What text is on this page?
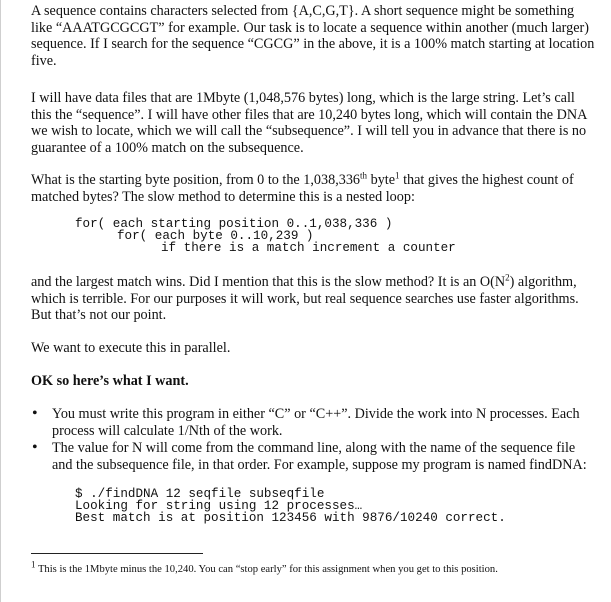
A sequence contains characters selected from {A,C,G,T}. A short sequence might be something like “AAATGCGCGT” for example. Our task is to locate a sequence within another (much larger) sequence. If I search for the sequence “CGCG” in the above, it is a 100% match starting at location five.

I will have data files that are 1Mbyte (1,048,576 bytes) long, which is the large string. Let’s call this the “sequence”. I will have other files that are 10,240 bytes long, which will contain the DNA we wish to locate, which we will call the “subsequence”. I will tell you in advance that there is no guarantee of a 100% match on the subsequence.

What is the starting byte position, from 0 to the 1,038,336th byte$^1$ that gives the highest count of matched bytes? The slow method to determine this is a nested loop:

for( each starting position 0..1,038,336 )
for( each byte 0..10,239 )
if there is a match increment a counter

and the largest match wins. Did I mention that this is the slow method? It is an $O(N^2)$ algorithm, which is terrible. For our purposes it will work, but real sequence searches use faster algorithms. But that’s not our point.

We want to execute this in parallel.

OK so here’s what I want.

• You must write this program in either “C” or “C++”. Divide the work into N processes. Each process will calculate 1/Nth of the work.

• The value for N will come from the command line, along with the name of the sequence file and the subsequence file, in that order. For example, suppose my program is named findDNA:

$ ./findDNA 12 seqfile subseqfile
Looking for string using 12 processes…
Best match is at position 123456 with 9876/10240 correct.

$^1$ This is the 1Mbyte minus the 10,240. You can “stop early” for this assignment when you get to this position.
